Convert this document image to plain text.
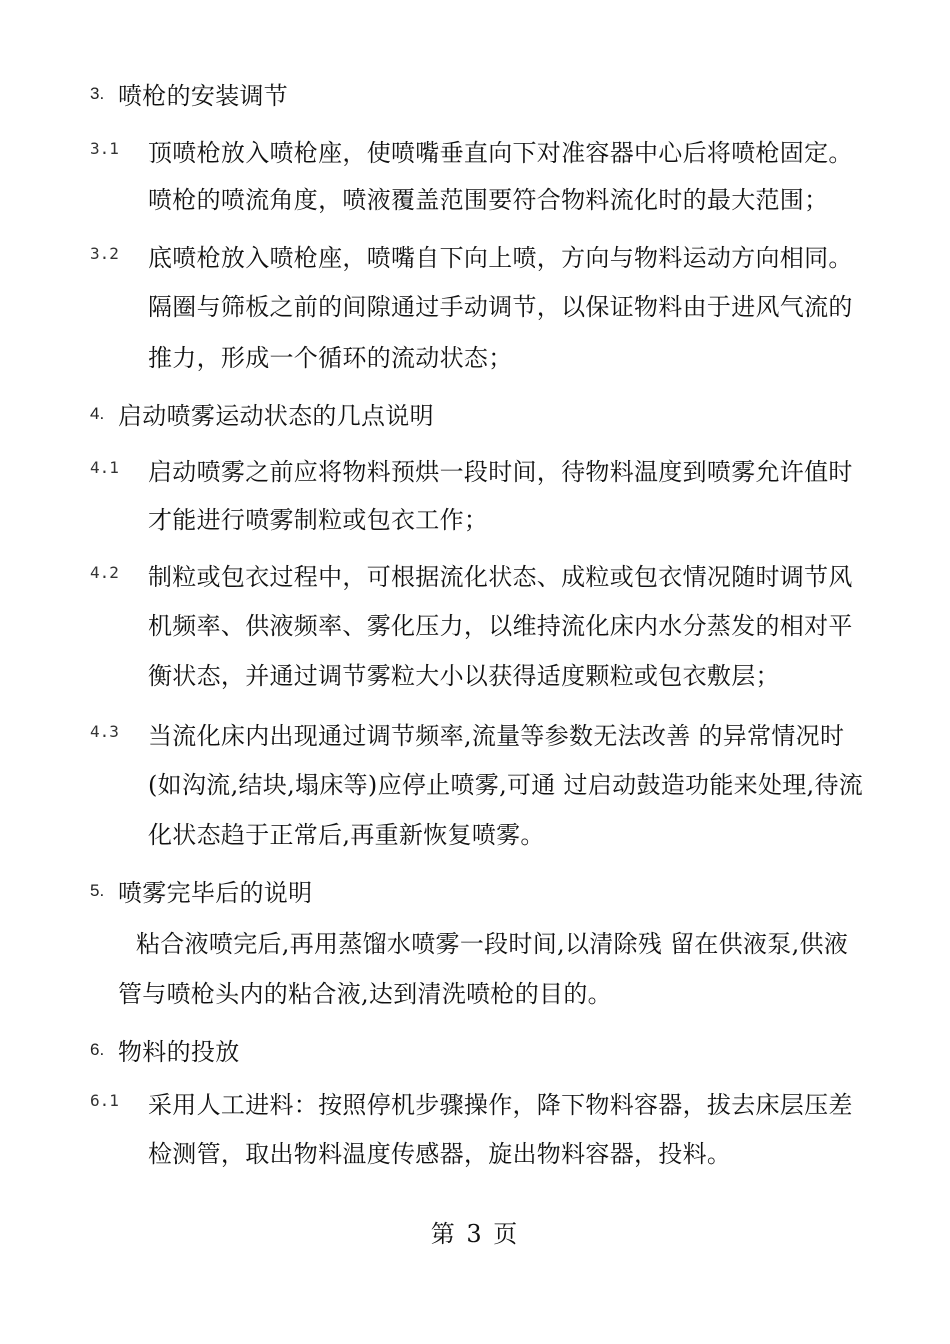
3. 喷枪的安装调节
3.1 顶喷枪放入喷枪座，使喷嘴垂直向下对准容器中心后将喷枪固定。
喷枪的喷流角度，喷液覆盖范围要符合物料流化时的最大范围；
3.2 底喷枪放入喷枪座，喷嘴自下向上喷，方向与物料运动方向相同。
隔圈与筛板之前的间隙通过手动调节，以保证物料由于进风气流的
推力，形成一个循环的流动状态；
4. 启动喷雾运动状态的几点说明
4.1 启动喷雾之前应将物料预烘一段时间，待物料温度到喷雾允许值时
才能进行喷雾制粒或包衣工作；
4.2 制粒或包衣过程中，可根据流化状态、成粒或包衣情况随时调节风
机频率、供液频率、雾化压力，以维持流化床内水分蒸发的相对平
衡状态，并通过调节雾粒大小以获得适度颗粒或包衣敷层；
4.3 当流化床内出现通过调节频率,流量等参数无法改善 的异常情况时
(如沟流,结块,塌床等)应停止喷雾,可通 过启动鼓造功能来处理,待流
化状态趋于正常后,再重新恢复喷雾。
5. 喷雾完毕后的说明
粘合液喷完后,再用蒸馏水喷雾一段时间,以清除残 留在供液泵,供液
管与喷枪头内的粘合液,达到清洗喷枪的目的。
6. 物料的投放
6.1 采用人工进料：按照停机步骤操作，降下物料容器，拔去床层压差
检测管，取出物料温度传感器，旋出物料容器，投料。
第 3 页
